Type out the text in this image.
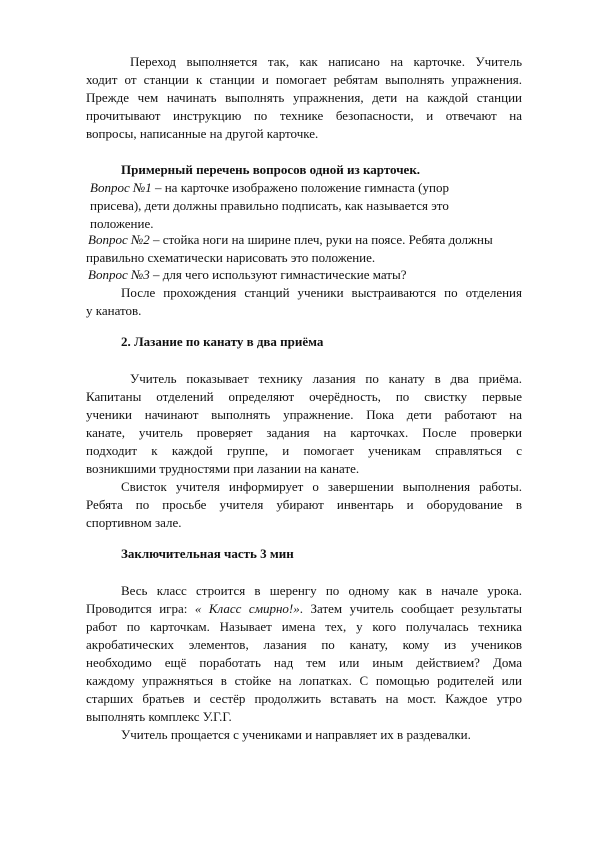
Переход выполняется так, как написано на карточке. Учитель
ходит от станции к станции и помогает ребятам выполнять упражнения.
Прежде чем начинать выполнять упражнения, дети на каждой станции
прочитывают инструкцию по технике безопасности, и отвечают на
вопросы, написанные на другой карточке.
Примерный перечень вопросов одной из карточек.
Вопрос №1 – на карточке изображено положение гимнаста (упор
присева), дети должны правильно подписать, как называется это
положение.
Вопрос №2 – стойка ноги на ширине плеч, руки на поясе. Ребята должны
правильно схематически нарисовать это положение.
Вопрос №3 – для чего используют гимнастические маты?
После прохождения станций ученики выстраиваются по отделения
у канатов.
2. Лазание по канату в два приёма
Учитель показывает технику лазания по канату в два приёма.
Капитаны отделений определяют очерёдность, по свистку первые
ученики начинают выполнять упражнение. Пока дети работают на
канате, учитель проверяет задания на карточках. После проверки
подходит к каждой группе, и помогает ученикам справляться с
возникшими трудностями при лазании на канате.
Свисток учителя информирует о завершении выполнения работы.
Ребята по просьбе учителя убирают инвентарь и оборудование в
спортивном зале.
Заключительная часть 3 мин
Весь класс строится в шеренгу по одному как в начале урока.
Проводится игра: « Класс смирно!». Затем учитель сообщает результаты
работ по карточкам. Называет имена тех, у кого получалась техника
акробатических элементов, лазания по канату, кому из учеников
необходимо ещё поработать над тем или иным действием? Дома
каждому упражняться в стойке на лопатках. С помощью родителей или
старших братьев и сестёр продолжить вставать на мост. Каждое утро
выполнять комплекс У.Г.Г.
Учитель прощается с учениками и направляет их в раздевалки.
